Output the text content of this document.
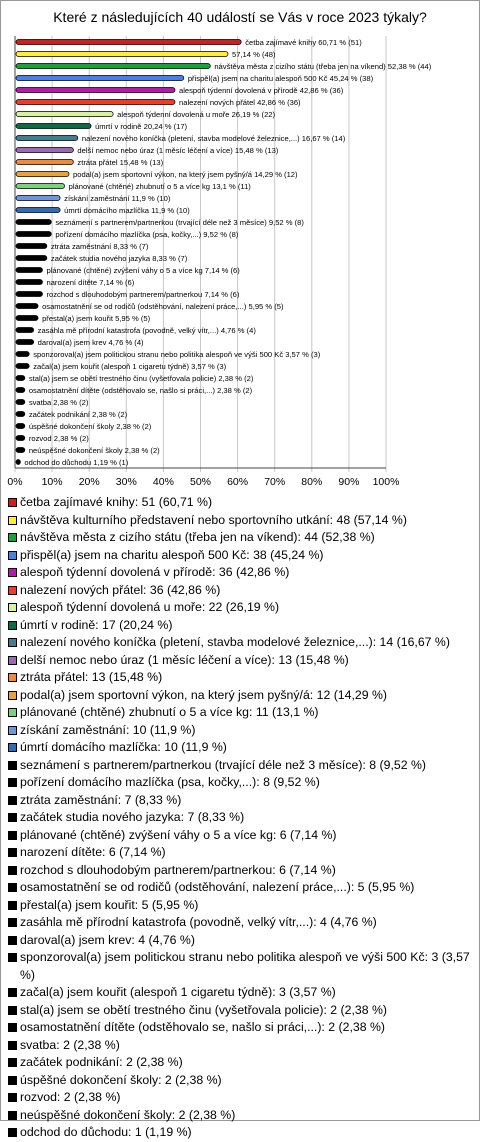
Které z následujících 40 událostí se Vás v roce 2023 týkaly?
0% 10% 20% 30% 40% 50% 60% 70% 80% 90% 100%
četba zajímavé knihy 60,71 % (51)
57,14 % (48)
návštěva města z cizího státu (třeba jen na víkend) 52,38 % (44)
přispěl(a) jsem na charitu alespoň 500 Kč 45,24 % (38)
alespoň týdenní dovolená v přírodě 42,86 % (36)
nalezení nových přátel 42,86 % (36)
alespoň týdenní dovolená u moře 26,19 % (22)
úmrtí v rodině 20,24 % (17)
nalezení nového koníčka (pletení, stavba modelové železnice,...) 16,67 % (14)
delší nemoc nebo úraz (1 měsíc léčení a více) 15,48 % (13)
ztráta přátel 15,48 % (13)
podal(a) jsem sportovní výkon, na který jsem pyšný/á 14,29 % (12)
plánované (chtěné) zhubnutí o 5 a více kg 13,1 % (11)
získání zaměstnání 11,9 % (10)
úmrtí domácího mazlíčka 11,9 % (10)
seznámení s partnerem/partnerkou (trvající déle než 3 měsíce) 9,52 % (8)
pořízení domácího mazlíčka (psa, kočky,...) 9,52 % (8)
ztráta zaměstnání 8,33 % (7)
začátek studia nového jazyka 8,33 % (7)
plánované (chtěné) zvýšení váhy o 5 a více kg 7,14 % (6)
narození dítěte 7,14 % (6)
rozchod s dlouhodobým partnerem/partnerkou 7,14 % (6)
osamostatnění se od rodičů (odstěhování, nalezení práce,...) 5,95 % (5)
přestal(a) jsem kouřit 5,95 % (5)
zasáhla mě přírodní katastrofa (povodně, velký vítr,...) 4,76 % (4)
daroval(a) jsem krev 4,76 % (4)
sponzoroval(a) jsem politickou stranu nebo politika alespoň ve výši 500 Kč 3,57 % (3)
začal(a) jsem kouřit (alespoň 1 cigaretu týdně) 3,57 % (3)
stal(a) jsem se obětí trestného činu (vyšetřovala policie) 2,38 % (2)
osamostatnění dítěte (odstěhovalo se, našlo si práci,...) 2,38 % (2)
svatba 2,38 % (2)
začátek podnikání 2,38 % (2)
úspěšné dokončení školy 2,38 % (2)
rozvod 2,38 % (2)
neúspěšné dokončení školy 2,38 % (2)
odchod do důchodu 1,19 % (1)
četba zajímavé knihy: 51 (60,71 %)
návštěva kulturního představení nebo sportovního utkání: 48 (57,14 %)
návštěva města z cizího státu (třeba jen na víkend): 44 (52,38 %)
přispěl(a) jsem na charitu alespoň 500 Kč: 38 (45,24 %)
alespoň týdenní dovolená v přírodě: 36 (42,86 %)
nalezení nových přátel: 36 (42,86 %)
alespoň týdenní dovolená u moře: 22 (26,19 %)
úmrtí v rodině: 17 (20,24 %)
nalezení nového koníčka (pletení, stavba modelové železnice,...): 14 (16,67 %)
delší nemoc nebo úraz (1 měsíc léčení a více): 13 (15,48 %)
ztráta přátel: 13 (15,48 %)
podal(a) jsem sportovní výkon, na který jsem pyšný/á: 12 (14,29 %)
plánované (chtěné) zhubnutí o 5 a více kg: 11 (13,1 %)
získání zaměstnání: 10 (11,9 %)
úmrtí domácího mazlíčka: 10 (11,9 %)
seznámení s partnerem/partnerkou (trvající déle než 3 měsíce): 8 (9,52 %)
pořízení domácího mazlíčka (psa, kočky,...): 8 (9,52 %)
ztráta zaměstnání: 7 (8,33 %)
začátek studia nového jazyka: 7 (8,33 %)
plánované (chtěné) zvýšení váhy o 5 a více kg: 6 (7,14 %)
narození dítěte: 6 (7,14 %)
rozchod s dlouhodobým partnerem/partnerkou: 6 (7,14 %)
osamostatnění se od rodičů (odstěhování, nalezení práce,...): 5 (5,95 %)
přestal(a) jsem kouřit: 5 (5,95 %)
zasáhla mě přírodní katastrofa (povodně, velký vítr,...): 4 (4,76 %)
daroval(a) jsem krev: 4 (4,76 %)
sponzoroval(a) jsem politickou stranu nebo politika alespoň ve výši 500 Kč: 3 (3,57 %)
začal(a) jsem kouřit (alespoň 1 cigaretu týdně): 3 (3,57 %)
stal(a) jsem se obětí trestného činu (vyšetřovala policie): 2 (2,38 %)
osamostatnění dítěte (odstěhovalo se, našlo si práci,...): 2 (2,38 %)
svatba: 2 (2,38 %)
začátek podnikání: 2 (2,38 %)
úspěšné dokončení školy: 2 (2,38 %)
rozvod: 2 (2,38 %)
neúspěšné dokončení školy: 2 (2,38 %)
odchod do důchodu: 1 (1,19 %)
